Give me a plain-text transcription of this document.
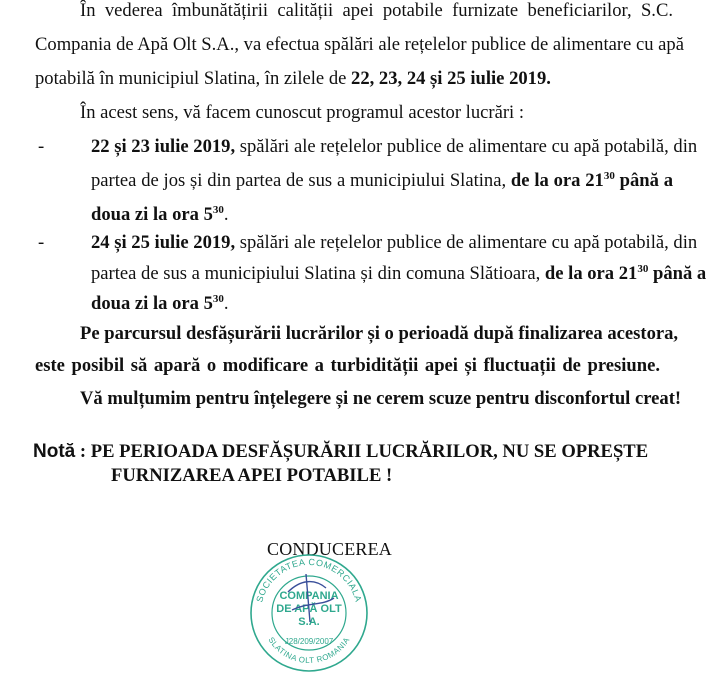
În vederea îmbunătățirii calității apei potabile furnizate beneficiarilor, S.C.
Compania de Apă Olt S.A., va efectua spălări ale rețelelor publice de alimentare cu apă
potabilă în municipiul Slatina, în zilele de 22, 23, 24 și 25 iulie 2019.
În acest sens, vă facem cunoscut programul acestor lucrări :
-	22 și 23 iulie 2019, spălări ale rețelelor publice de alimentare cu apă potabilă, din
partea de jos și din partea de sus a municipiului Slatina, de la ora $21^{30}$ până a
doua zi la ora $5^{30}$.
-	24 și 25 iulie 2019, spălări ale rețelelor publice de alimentare cu apă potabilă, din
partea de sus a municipiului Slatina și din comuna Slătioara, de la ora $21^{30}$ până a
doua zi la ora $5^{30}$.
Pe parcursul desfășurării lucrărilor și o perioadă după finalizarea acestora,
este posibil să apară o modificare a turbidității apei și fluctuații de presiune.
Vă mulțumim pentru înțelegere și ne cerem scuze pentru disconfortul creat!
Notă : PE PERIOADA DESFĂȘURĂRII LUCRĂRILOR, NU SE OPREȘTE
FURNIZAREA APEI POTABILE !
CONDUCEREA
SOCIETATEA COMERCIALA
SLATINA OLT ROMANIA
COMPANIA
DE APĂ OLT
S.A.
J28/209/2007
